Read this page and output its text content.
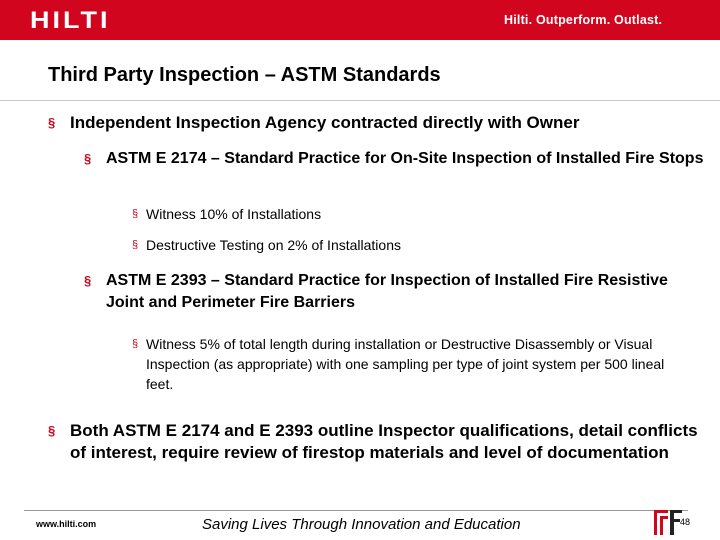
HILTI	Hilti. Outperform. Outlast.
Third Party Inspection – ASTM Standards
§ Independent Inspection Agency contracted directly with Owner
§ ASTM E 2174 – Standard Practice for On-Site Inspection of Installed Fire Stops
§ Witness 10% of Installations
§ Destructive Testing on 2% of Installations
§ ASTM E 2393 – Standard Practice for Inspection of Installed Fire Resistive Joint and Perimeter Fire Barriers
§ Witness 5% of total length during installation or Destructive Disassembly or Visual Inspection (as appropriate) with one sampling per type of joint system per 500 lineal feet.
§ Both ASTM E 2174 and E 2393 outline Inspector qualifications, detail conflicts of interest, require review of firestop materials and level of documentation
www.hilti.com	Saving Lives Through Innovation and Education	48
